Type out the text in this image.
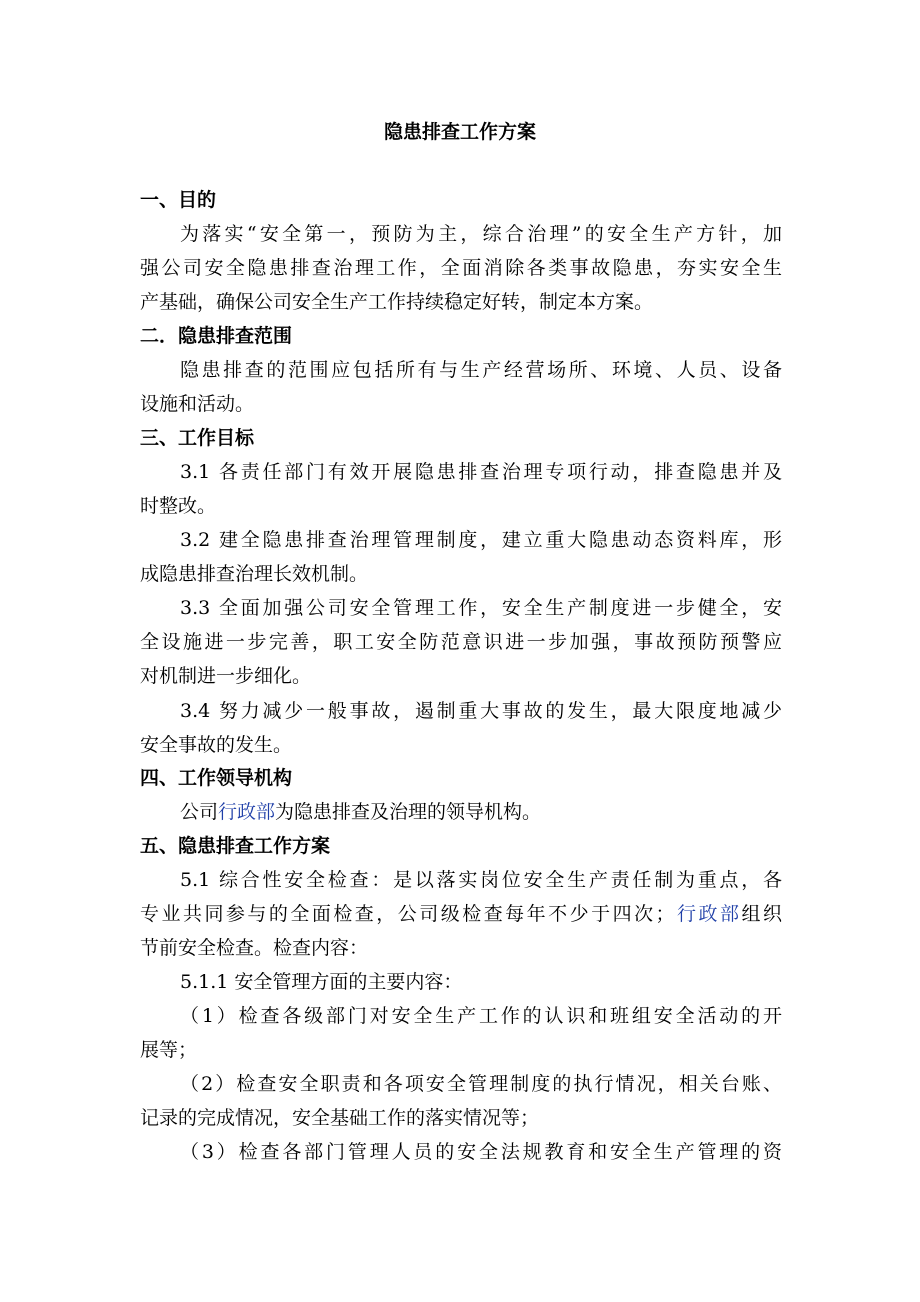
隐患排查工作方案
一、目的
为落实“安全第一，预防为主，综合治理”的安全生产方针，加
强公司安全隐患排查治理工作，全面消除各类事故隐患，夯实安全生
产基础，确保公司安全生产工作持续稳定好转，制定本方案。
二．隐患排查范围
隐患排查的范围应包括所有与生产经营场所、环境、人员、设备
设施和活动。
三、工作目标
3.1 各责任部门有效开展隐患排查治理专项行动，排查隐患并及
时整改。
3.2 建全隐患排查治理管理制度，建立重大隐患动态资料库，形
成隐患排查治理长效机制。
3.3 全面加强公司安全管理工作，安全生产制度进一步健全，安
全设施进一步完善，职工安全防范意识进一步加强，事故预防预警应
对机制进一步细化。
3.4 努力减少一般事故，遏制重大事故的发生，最大限度地减少
安全事故的发生。
四、工作领导机构
公司行政部为隐患排查及治理的领导机构。
五、隐患排查工作方案
5.1 综合性安全检查：是以落实岗位安全生产责任制为重点，各
专业共同参与的全面检查，公司级检查每年不少于四次；行政部组织
节前安全检查。检查内容：
5.1.1 安全管理方面的主要内容：
（1）检查各级部门对安全生产工作的认识和班组安全活动的开
展等；
（2）检查安全职责和各项安全管理制度的执行情况，相关台账、
记录的完成情况，安全基础工作的落实情况等；
（3）检查各部门管理人员的安全法规教育和安全生产管理的资
